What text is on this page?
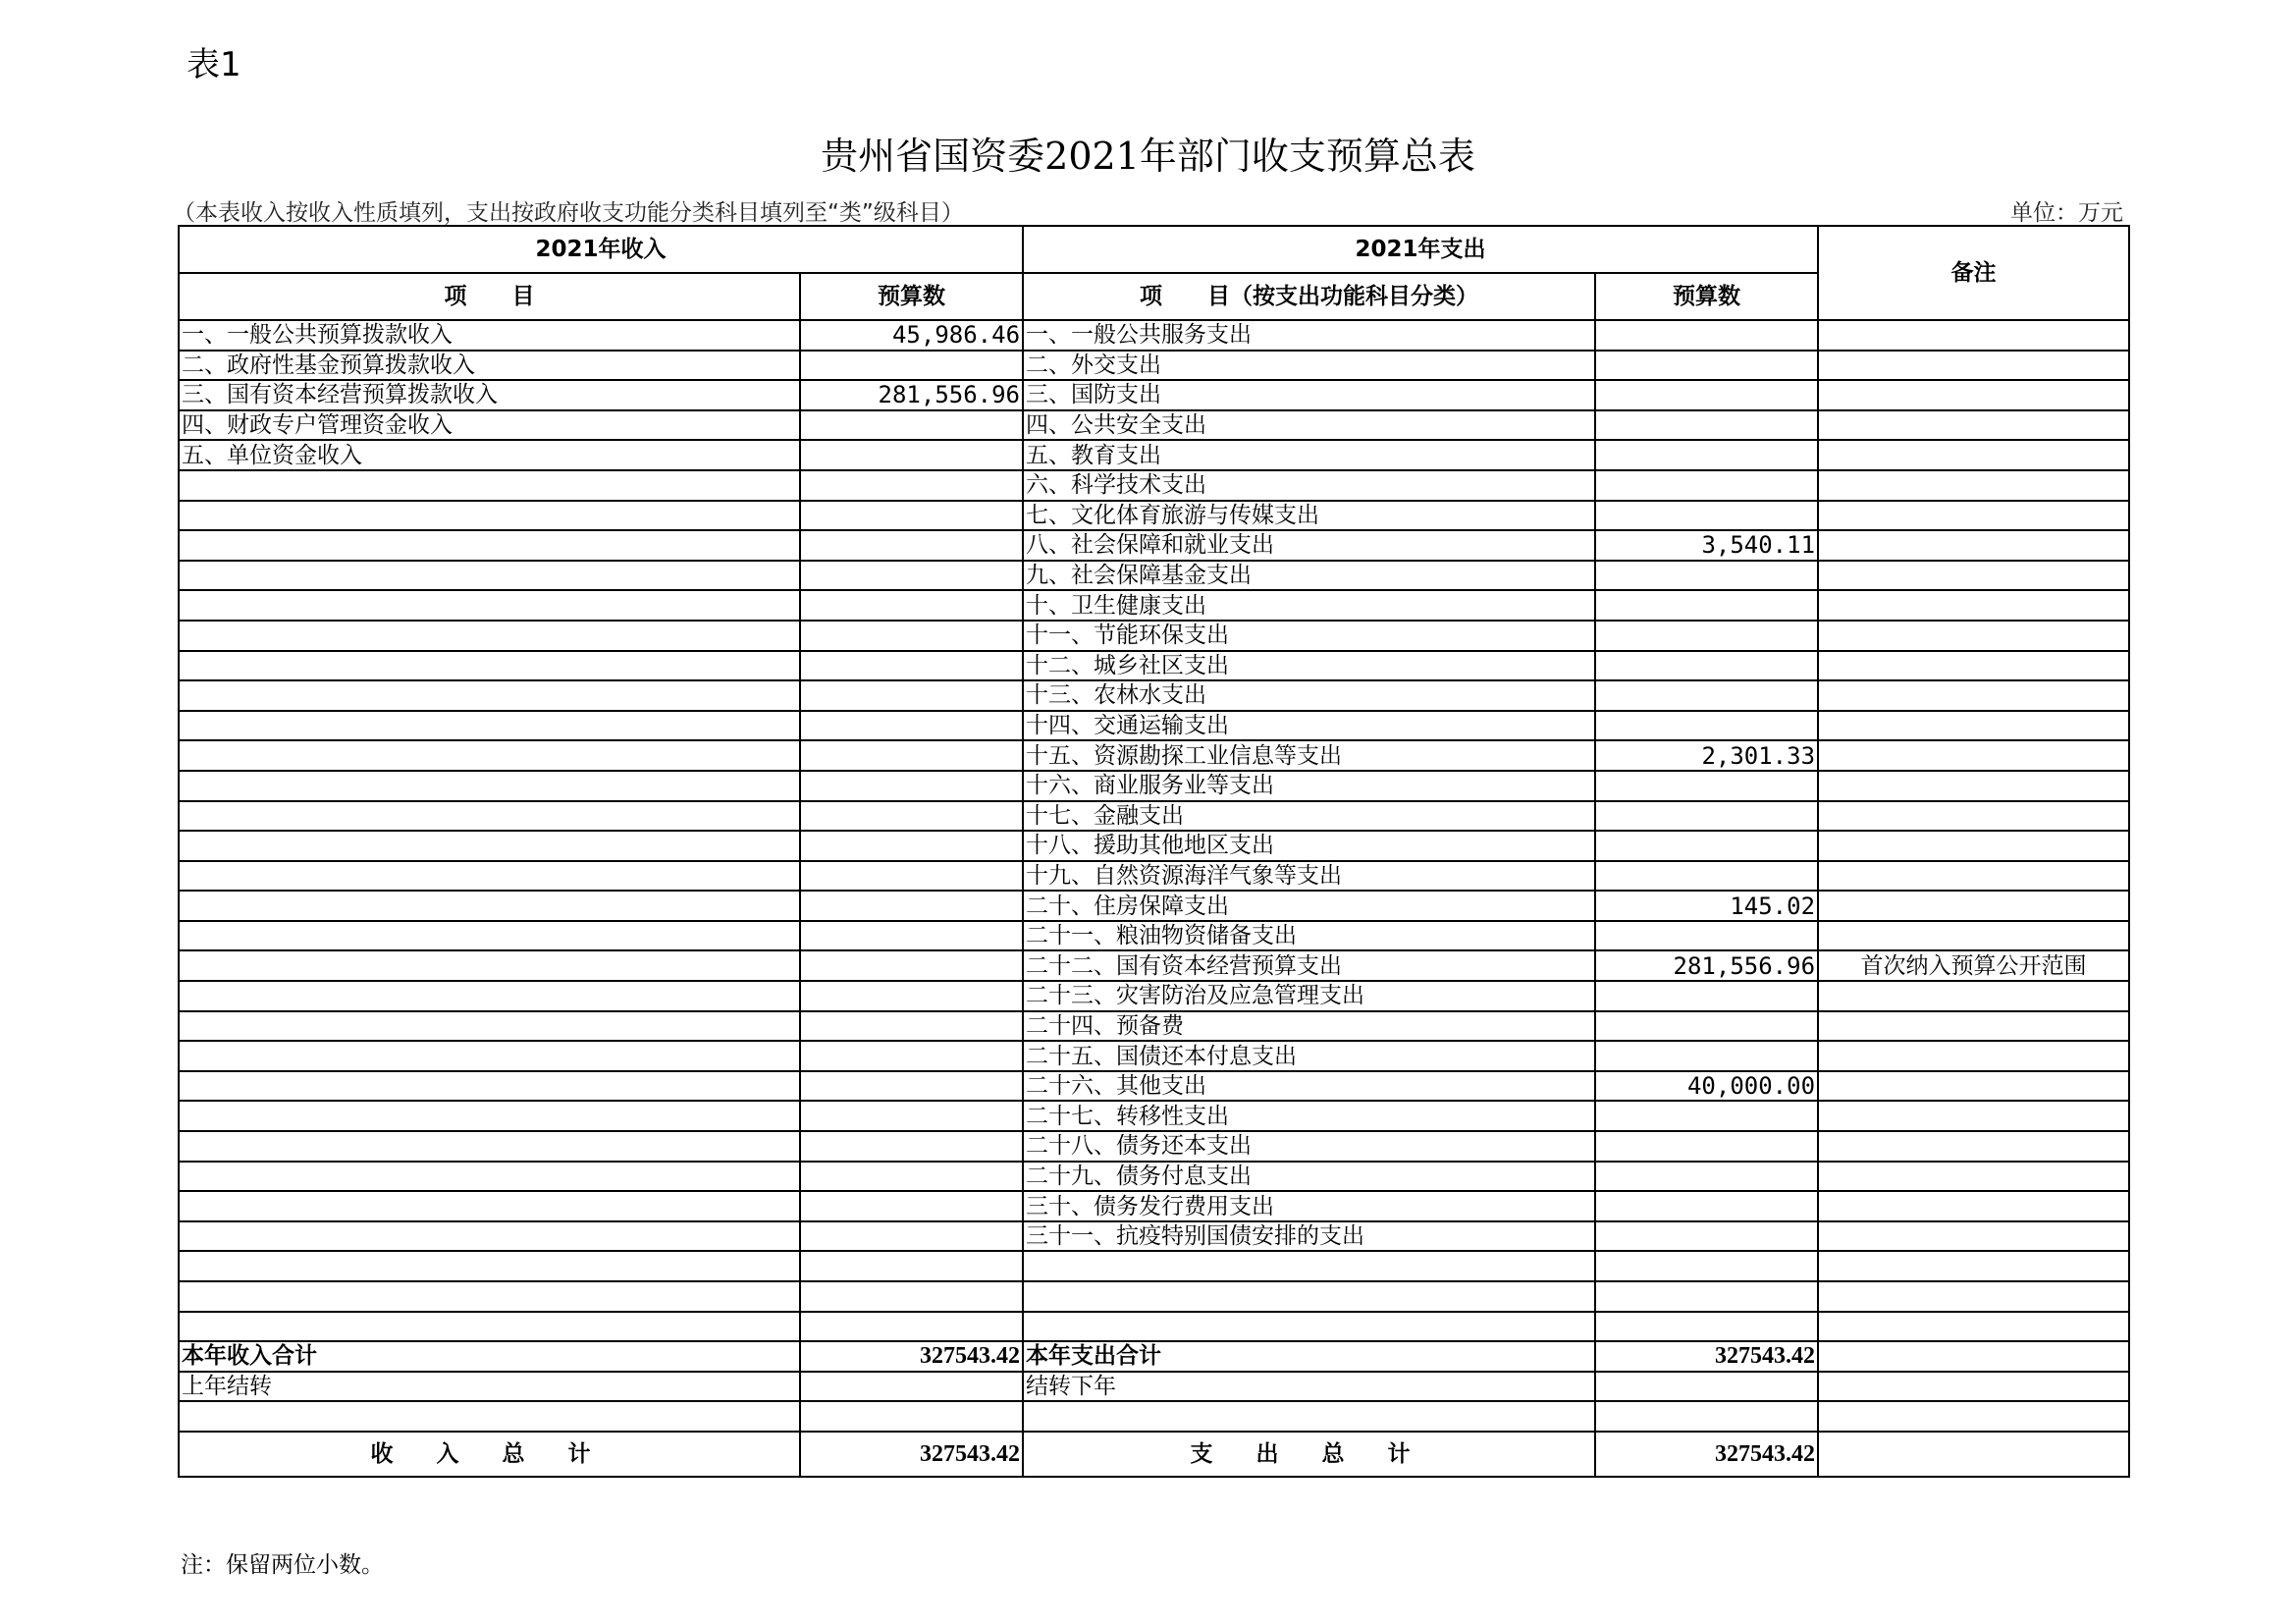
表1
贵州省国资委2021年部门收支预算总表
（本表收入按收入性质填列，支出按政府收支功能分类科目填列至“类”级科目）	单位：万元
2021年收入		2021年支出		备注
项　　目	预算数	项　　目（按支出功能科目分类）	预算数	
一、一般公共预算拨款收入	45,986.46	一、一般公共服务支出		
二、政府性基金预算拨款收入		二、外交支出		
三、国有资本经营预算拨款收入	281,556.96	三、国防支出		
四、财政专户管理资金收入		四、公共安全支出		
五、单位资金收入		五、教育支出		
		六、科学技术支出		
		七、文化体育旅游与传媒支出		
		八、社会保障和就业支出	3,540.11	
		九、社会保障基金支出		
		十、卫生健康支出		
		十一、节能环保支出		
		十二、城乡社区支出		
		十三、农林水支出		
		十四、交通运输支出		
		十五、资源勘探工业信息等支出	2,301.33	
		十六、商业服务业等支出		
		十七、金融支出		
		十八、援助其他地区支出		
		十九、自然资源海洋气象等支出		
		二十、住房保障支出	145.02	
		二十一、粮油物资储备支出		
		二十二、国有资本经营预算支出	281,556.96	首次纳入预算公开范围
		二十三、灾害防治及应急管理支出		
		二十四、预备费		
		二十五、国债还本付息支出		
		二十六、其他支出	40,000.00	
		二十七、转移性支出		
		二十八、债务还本支出		
		二十九、债务付息支出		
		三十、债务发行费用支出		
		三十一、抗疫特别国债安排的支出		

本年收入合计	327543.42	本年支出合计	327543.42	
上年结转		结转下年		

收 入 总 计	327543.42	支 出 总 计	327543.42	
注：保留两位小数。
